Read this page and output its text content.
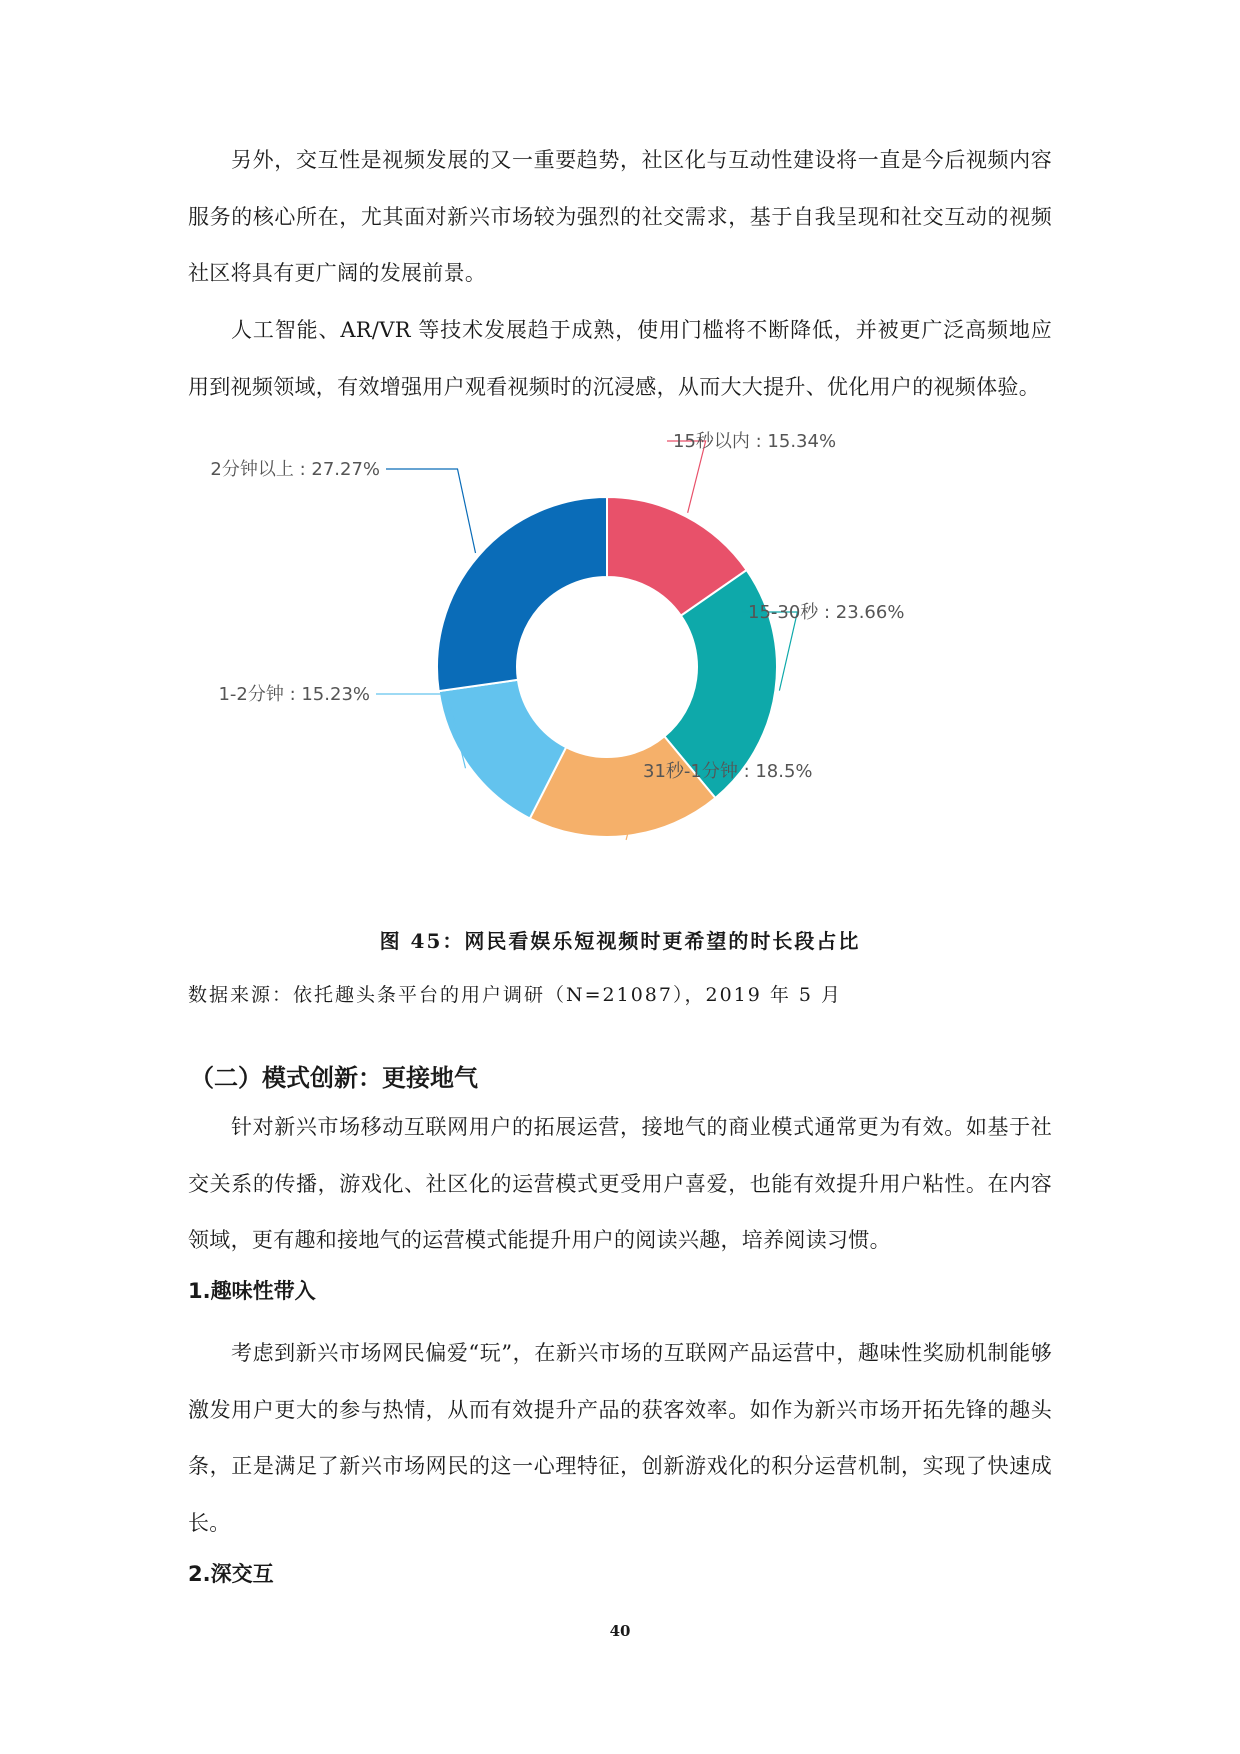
另外，交互性是视频发展的又一重要趋势，社区化与互动性建设将一直是今后视频内容服务的核心所在，尤其面对新兴市场较为强烈的社交需求，基于自我呈现和社交互动的视频社区将具有更广阔的发展前景。

人工智能、AR/VR 等技术发展趋于成熟，使用门槛将不断降低，并被更广泛高频地应用到视频领域，有效增强用户观看视频时的沉浸感，从而大大提升、优化用户的视频体验。

15秒以内 : 15.34%
15-30秒 : 23.66%
31秒-1分钟 : 18.5%
1-2分钟 : 15.23%
2分钟以上 : 27.27%

图 45：网民看娱乐短视频时更希望的时长段占比

数据来源：依托趣头条平台的用户调研（N=21087），2019 年 5 月

（二）模式创新：更接地气

针对新兴市场移动互联网用户的拓展运营，接地气的商业模式通常更为有效。如基于社交关系的传播，游戏化、社区化的运营模式更受用户喜爱，也能有效提升用户粘性。在内容领域，更有趣和接地气的运营模式能提升用户的阅读兴趣，培养阅读习惯。

1.趣味性带入

考虑到新兴市场网民偏爱“玩”，在新兴市场的互联网产品运营中，趣味性奖励机制能够激发用户更大的参与热情，从而有效提升产品的获客效率。如作为新兴市场开拓先锋的趣头条，正是满足了新兴市场网民的这一心理特征，创新游戏化的积分运营机制，实现了快速成长。

2.深交互

40
